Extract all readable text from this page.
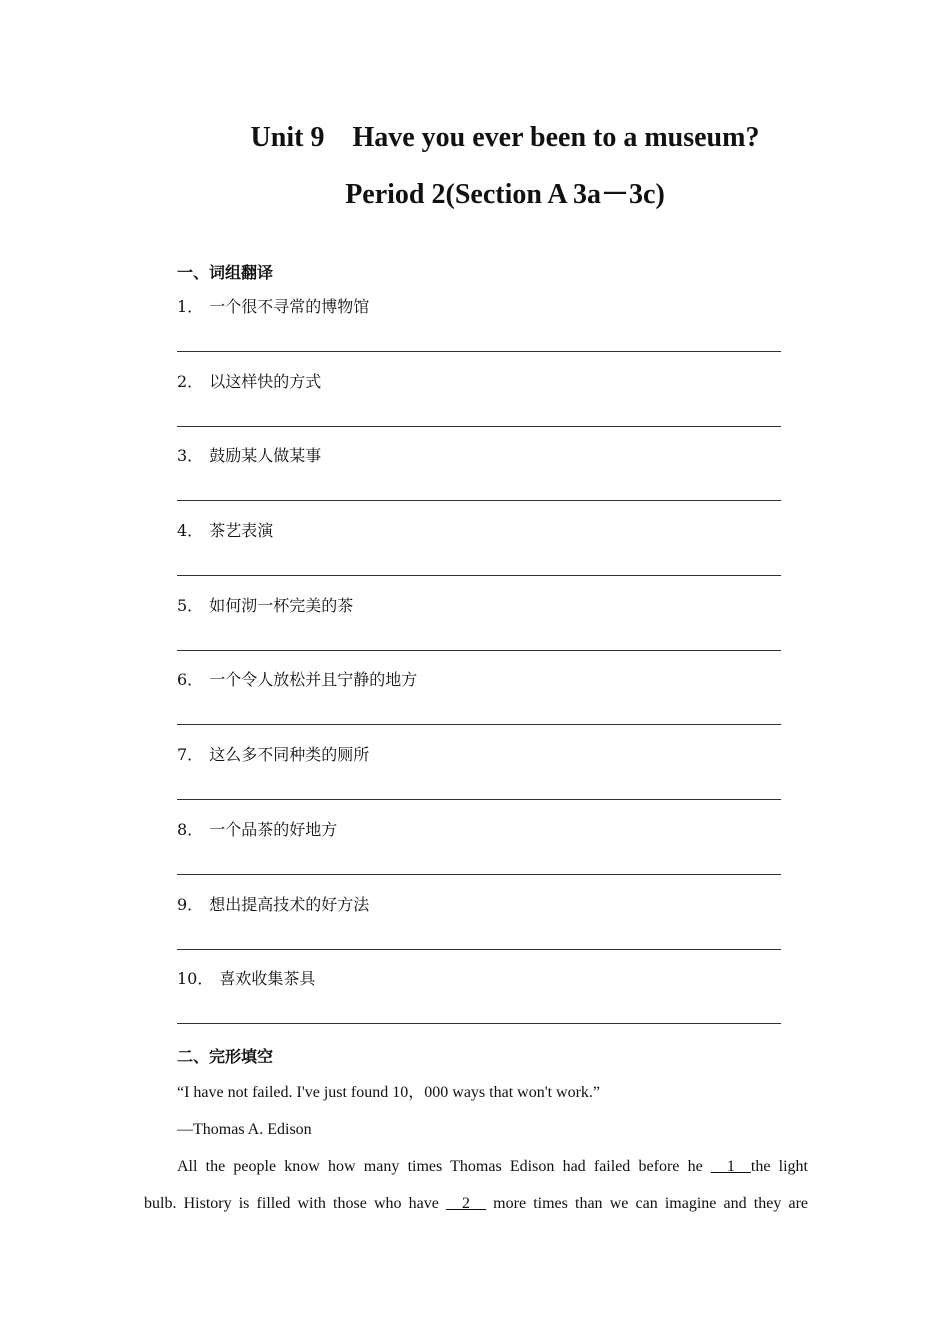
Unit 9 Have you ever been to a museum?
Period 2(Section A 3a－3c)
一、词组翻译
1． 一个很不寻常的博物馆
2． 以这样快的方式
3． 鼓励某人做某事
4． 茶艺表演
5． 如何沏一杯完美的茶
6． 一个令人放松并且宁静的地方
7． 这么多不同种类的厕所
8． 一个品茶的好地方
9． 想出提高技术的好方法
10． 喜欢收集茶具
二、完形填空
“I have not failed. I've just found 10，000 ways that won't work.”
—Thomas A. Edison
All the people know how many times Thomas Edison had failed before he __1__the light
bulb. History is filled with those who have __2__ more times than we can imagine and they are
